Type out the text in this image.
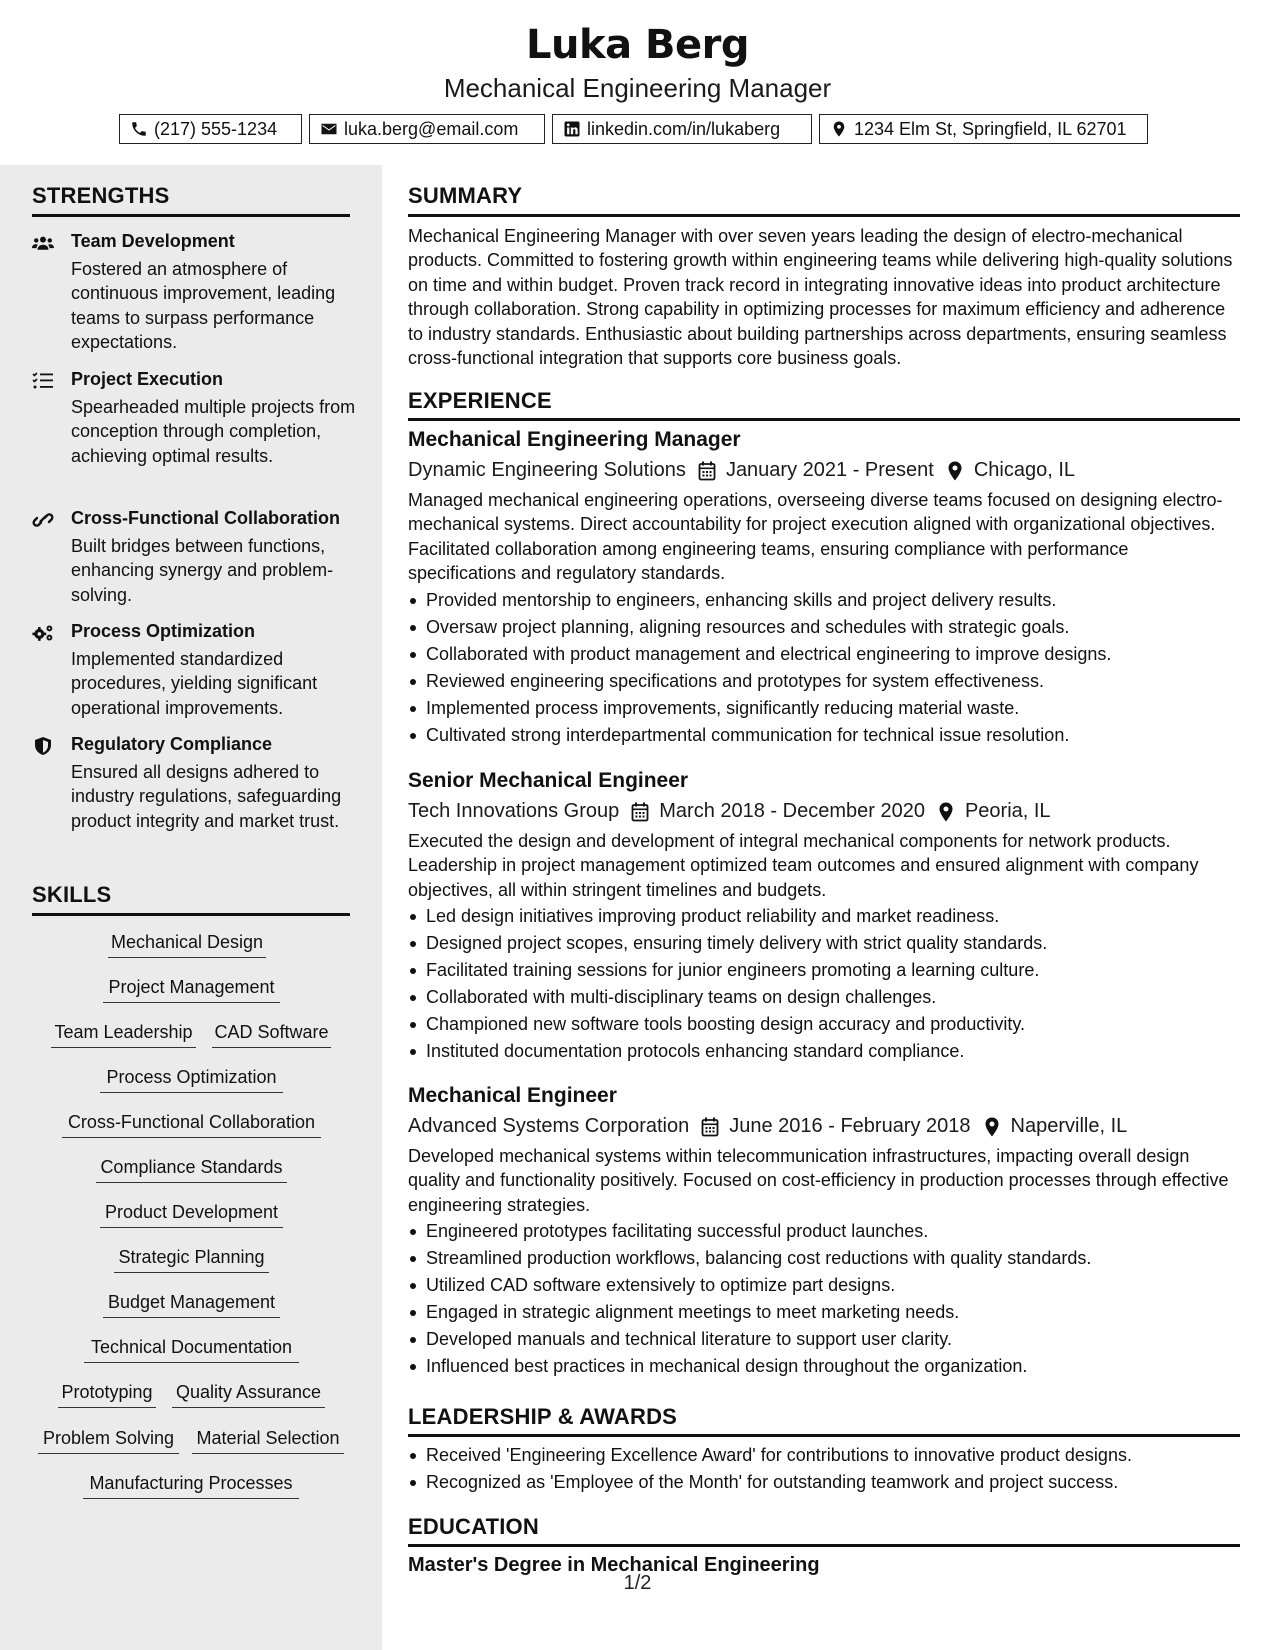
Luka Berg
Mechanical Engineering Manager
(217) 555-1234	luka.berg@email.com	linkedin.com/in/lukaberg	1234 Elm St, Springfield, IL 62701
STRENGTHS
Team Development
Fostered an atmosphere of continuous improvement, leading teams to surpass performance expectations.
Project Execution
Spearheaded multiple projects from conception through completion, achieving optimal results.
Cross-Functional Collaboration
Built bridges between functions, enhancing synergy and problem-solving.
Process Optimization
Implemented standardized procedures, yielding significant operational improvements.
Regulatory Compliance
Ensured all designs adhered to industry regulations, safeguarding product integrity and market trust.
SKILLS
Mechanical Design
Project Management
Team Leadership CAD Software
Process Optimization
Cross-Functional Collaboration
Compliance Standards
Product Development
Strategic Planning
Budget Management
Technical Documentation
Prototyping Quality Assurance
Problem Solving Material Selection
Manufacturing Processes
SUMMARY
Mechanical Engineering Manager with over seven years leading the design of electro-mechanical products. Committed to fostering growth within engineering teams while delivering high-quality solutions on time and within budget. Proven track record in integrating innovative ideas into product architecture through collaboration. Strong capability in optimizing processes for maximum efficiency and adherence to industry standards. Enthusiastic about building partnerships across departments, ensuring seamless cross-functional integration that supports core business goals.
EXPERIENCE
Mechanical Engineering Manager
Dynamic Engineering Solutions January 2021 - Present Chicago, IL
Managed mechanical engineering operations, overseeing diverse teams focused on designing electro-mechanical systems. Direct accountability for project execution aligned with organizational objectives. Facilitated collaboration among engineering teams, ensuring compliance with performance specifications and regulatory standards.
Provided mentorship to engineers, enhancing skills and project delivery results.
Oversaw project planning, aligning resources and schedules with strategic goals.
Collaborated with product management and electrical engineering to improve designs.
Reviewed engineering specifications and prototypes for system effectiveness.
Implemented process improvements, significantly reducing material waste.
Cultivated strong interdepartmental communication for technical issue resolution.
Senior Mechanical Engineer
Tech Innovations Group March 2018 - December 2020 Peoria, IL
Executed the design and development of integral mechanical components for network products. Leadership in project management optimized team outcomes and ensured alignment with company objectives, all within stringent timelines and budgets.
Led design initiatives improving product reliability and market readiness.
Designed project scopes, ensuring timely delivery with strict quality standards.
Facilitated training sessions for junior engineers promoting a learning culture.
Collaborated with multi-disciplinary teams on design challenges.
Championed new software tools boosting design accuracy and productivity.
Instituted documentation protocols enhancing standard compliance.
Mechanical Engineer
Advanced Systems Corporation June 2016 - February 2018 Naperville, IL
Developed mechanical systems within telecommunication infrastructures, impacting overall design quality and functionality positively. Focused on cost-efficiency in production processes through effective engineering strategies.
Engineered prototypes facilitating successful product launches.
Streamlined production workflows, balancing cost reductions with quality standards.
Utilized CAD software extensively to optimize part designs.
Engaged in strategic alignment meetings to meet marketing needs.
Developed manuals and technical literature to support user clarity.
Influenced best practices in mechanical design throughout the organization.
LEADERSHIP & AWARDS
Received 'Engineering Excellence Award' for contributions to innovative product designs.
Recognized as 'Employee of the Month' for outstanding teamwork and project success.
EDUCATION
Master's Degree in Mechanical Engineering
1/2
